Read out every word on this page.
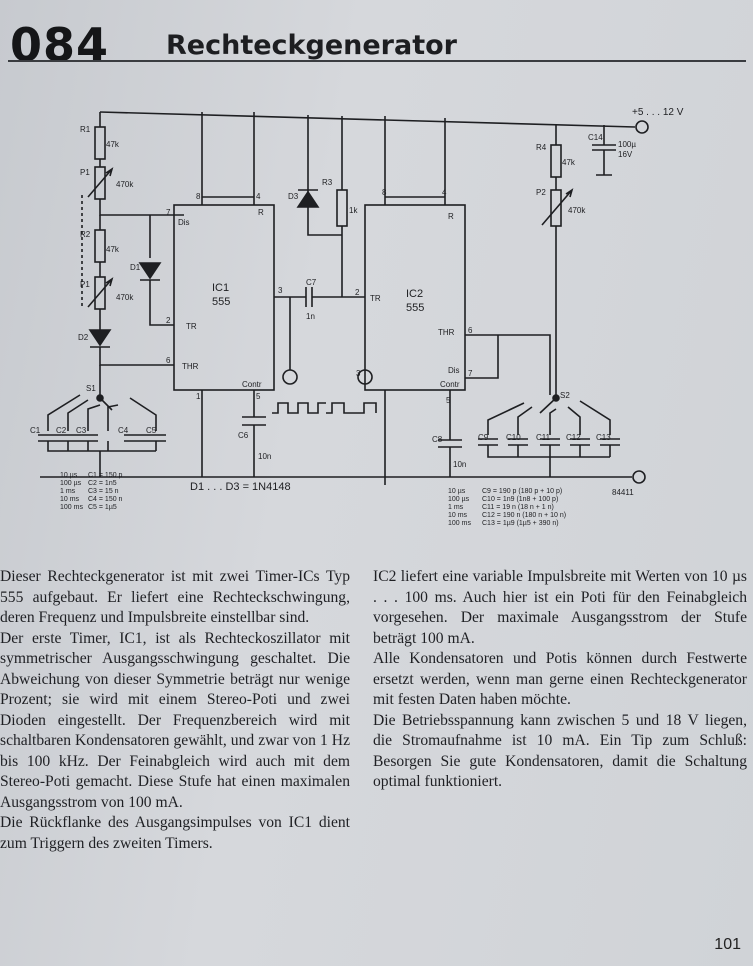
084 Rechteckgenerator
+5 . . . 12 V
R1
47k
P1
470k
R2
47k
P1
470k
D2
D1
D3
R3
1k
R4
47k
P2
470k
C14
100µ
16V
C7
1n
C6
10n
C8
10n
S1
S2
Dis
R
8	4
7
TR
2
THR
6
Contr
1	5
3
IC1
555
8	4
R
2
TR
THR 6
Dis 7
Contr
5
3
IC2
555
C1 C2 C3	C4 C5
C9 C10 C11 C12 C13
D1 . . . D3 = 1N4148	84411
10 µs C1 = 150 p
100 µs C2 = 1n5
1 ms C3 = 15 n
10 ms C4 = 150 n
100 ms C5 = 1µ5
10 µs C9 = 190 p (180 p + 10 p)
100 µs C10 = 1n9 (1n8 + 100 p)
1 ms	C11 = 19 n (18 n + 1 n)
10 ms C12 = 190 n (180 n + 10 n)
100 ms C13 = 1µ9 (1µ5 + 390 n)

Dieser Rechteckgenerator ist mit zwei Timer-ICs Typ 555 aufgebaut. Er liefert eine Rechteckschwingung, deren Frequenz und Impulsbreite einstellbar sind.

Der erste Timer, IC1, ist als Rechteckoszillator mit symmetrischer Ausgangsschwingung geschaltet. Die Abweichung von dieser Symmetrie beträgt nur wenige Prozent; sie wird mit einem Stereo-Poti und zwei Dioden eingestellt. Der Frequenzbereich wird mit schaltbaren Kondensatoren gewählt, und zwar von 1 Hz bis 100 kHz. Der Feinabgleich wird auch mit dem Stereo-Poti gemacht. Diese Stufe hat einen maximalen Ausgangsstrom von 100 mA.

Die Rückflanke des Ausgangsimpulses von IC1 dient zum Triggern des zweiten Timers.

IC2 liefert eine variable Impulsbreite mit Werten von 10 µs . . . 100 ms. Auch hier ist ein Poti für den Feinabgleich vorgesehen. Der maximale Ausgangsstrom der Stufe beträgt 100 mA.

Alle Kondensatoren und Potis können durch Festwerte ersetzt werden, wenn man gerne einen Rechteckgenerator mit festen Daten haben möchte.

Die Betriebsspannung kann zwischen 5 und 18 V liegen, die Stromaufnahme ist 10 mA. Ein Tip zum Schluß: Besorgen Sie gute Kondensatoren, damit die Schaltung optimal funktioniert.

101
